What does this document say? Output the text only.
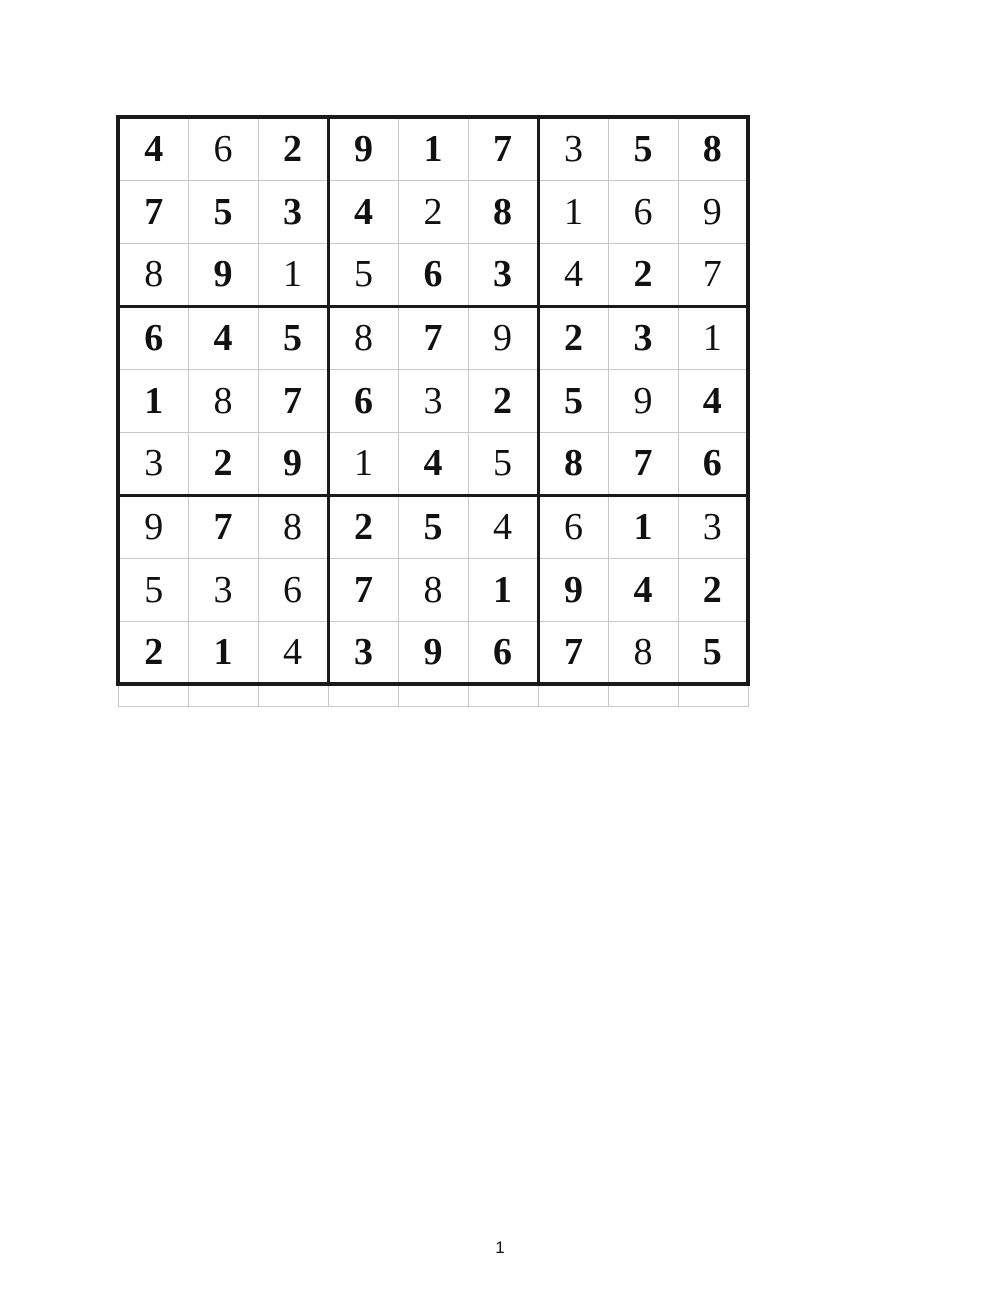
4	6	2	9	1	7	3	5	8
7	5	3	4	2	8	1	6	9
8	9	1	5	6	3	4	2	7
6	4	5	8	7	9	2	3	1
1	8	7	6	3	2	5	9	4
3	2	9	1	4	5	8	7	6
9	7	8	2	5	4	6	1	3
5	3	6	7	8	1	9	4	2
2	1	4	3	9	6	7	8	5

1
